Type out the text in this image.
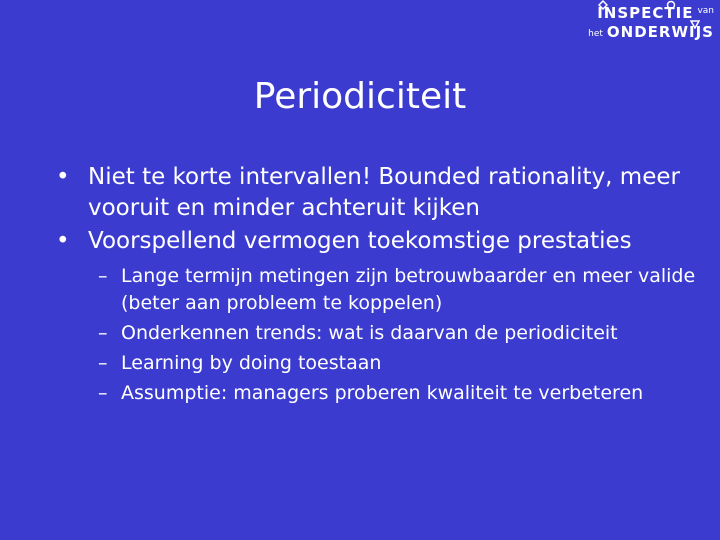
INSPECTIE $^{van}$
het ONDERWIJS
Periodiciteit
• Niet te korte intervallen! Bounded rationality, meer vooruit en minder achteruit kijken
• Voorspellend vermogen toekomstige prestaties
– Lange termijn metingen zijn betrouwbaarder en meer valide (beter aan probleem te koppelen)
– Onderkennen trends: wat is daarvan de periodiciteit
– Learning by doing toestaan
– Assumptie: managers proberen kwaliteit te verbeteren
